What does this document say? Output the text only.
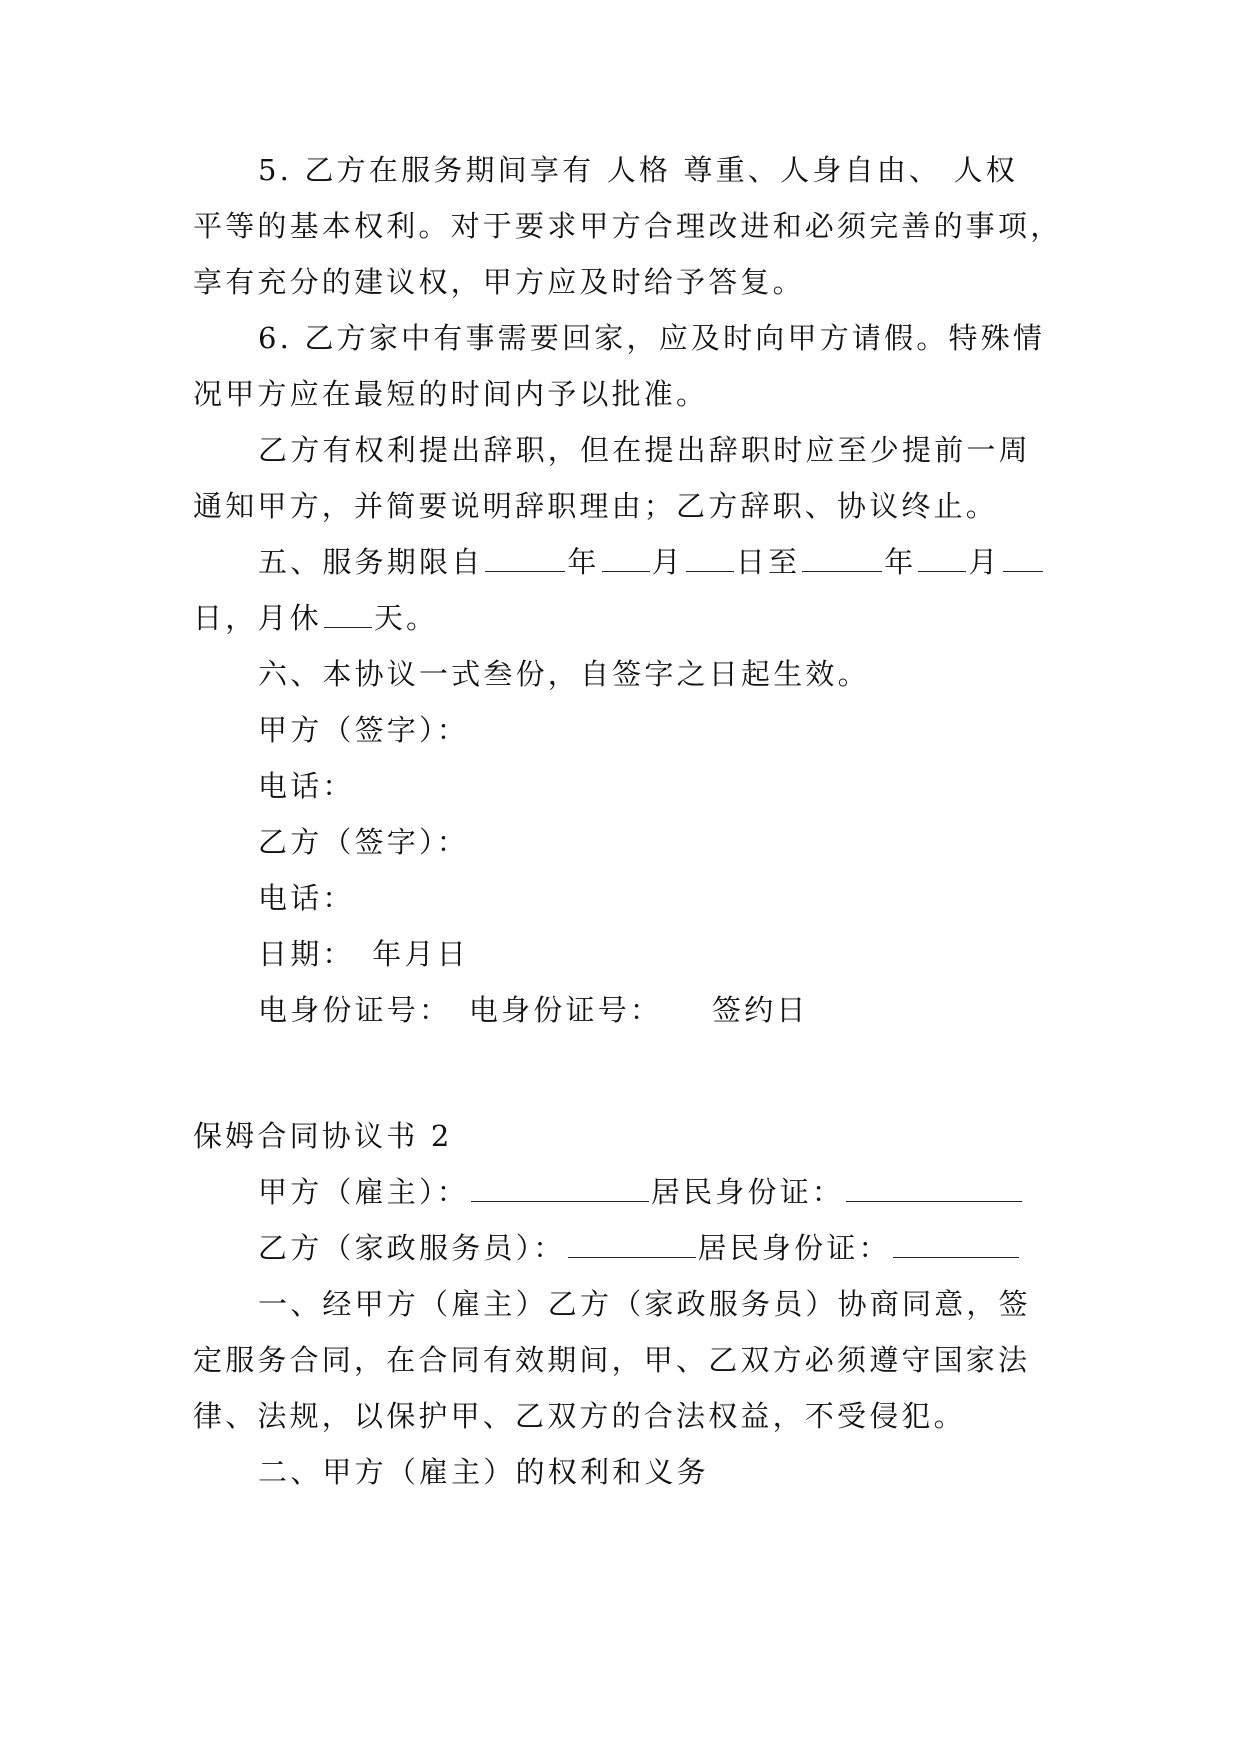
5. 乙方在服务期间享有 人格 尊重、人身自由、 人权
平等的基本权利。对于要求甲方合理改进和必须完善的事项，
享有充分的建议权，甲方应及时给予答复。
6. 乙方家中有事需要回家，应及时向甲方请假。特殊情
况甲方应在最短的时间内予以批准。
乙方有权利提出辞职，但在提出辞职时应至少提前一周
通知甲方，并简要说明辞职理由；乙方辞职、协议终止。
五、服务期限自	年 月 日至	年 月
日，月休 天。
六、本协议一式叁份，自签字之日起生效。
甲方（签字）：
电话：
乙方（签字）：
电话：
日期：　年月日
电身份证号：　电身份证号：　　签约日
保姆合同协议书 2
甲方（雇主）：	居民身份证：
乙方（家政服务员）：	居民身份证：
一、经甲方（雇主）乙方（家政服务员）协商同意，签
定服务合同，在合同有效期间，甲、乙双方必须遵守国家法
律、法规，以保护甲、乙双方的合法权益，不受侵犯。
二、甲方（雇主）的权利和义务
